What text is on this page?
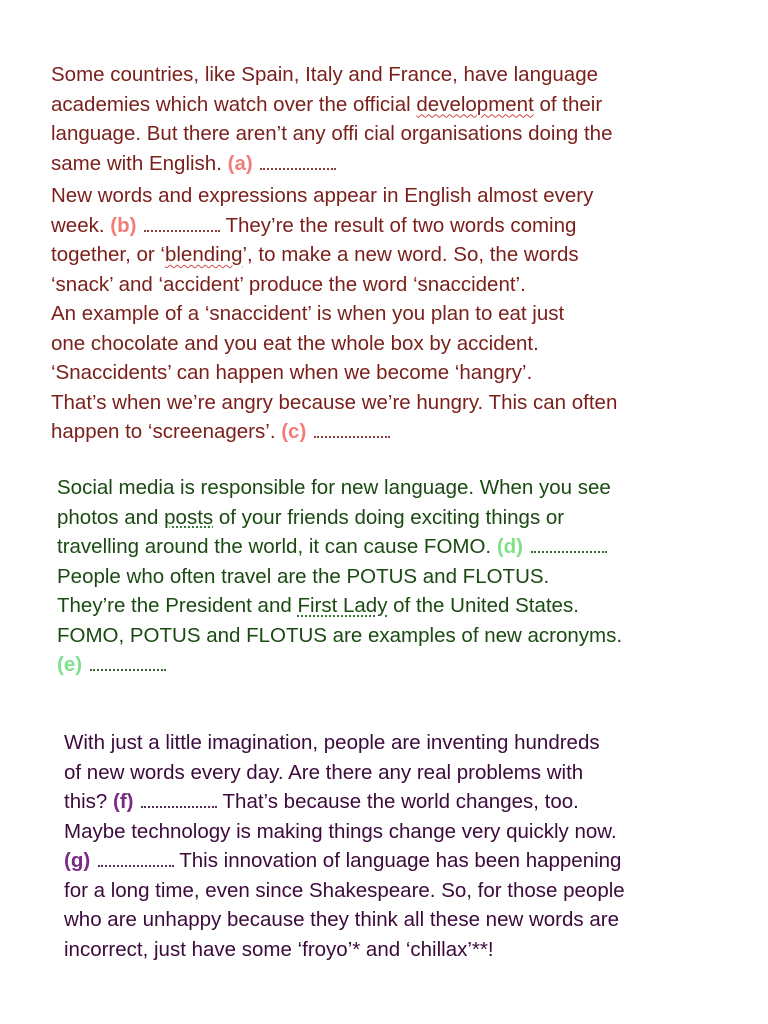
Some countries, like Spain, Italy and France, have language
academies which watch over the official development of their
language. But there aren’t any offi cial organisations doing the
same with English. (a)
New words and expressions appear in English almost every
week. (b)	They’re the result of two words coming
together, or ‘blending’, to make a new word. So, the words
‘snack’ and ‘accident’ produce the word ‘snaccident’.
An example of a ‘snaccident’ is when you plan to eat just
one chocolate and you eat the whole box by accident.
‘Snaccidents’ can happen when we become ‘hangry’.
That’s when we’re angry because we’re hungry. This can often
happen to ‘screenagers’. (c)
Social media is responsible for new language. When you see
photos and posts of your friends doing exciting things or
travelling around the world, it can cause FOMO. (d)
People who often travel are the POTUS and FLOTUS.
They’re the President and First Lady of the United States.
FOMO, POTUS and FLOTUS are examples of new acronyms.
(e)
With just a little imagination, people are inventing hundreds
of new words every day. Are there any real problems with
this? (f)	That’s because the world changes, too.
Maybe technology is making things change very quickly now.
(g)	This innovation of language has been happening
for a long time, even since Shakespeare. So, for those people
who are unhappy because they think all these new words are
incorrect, just have some ‘froyo’* and ‘chillax’**!
